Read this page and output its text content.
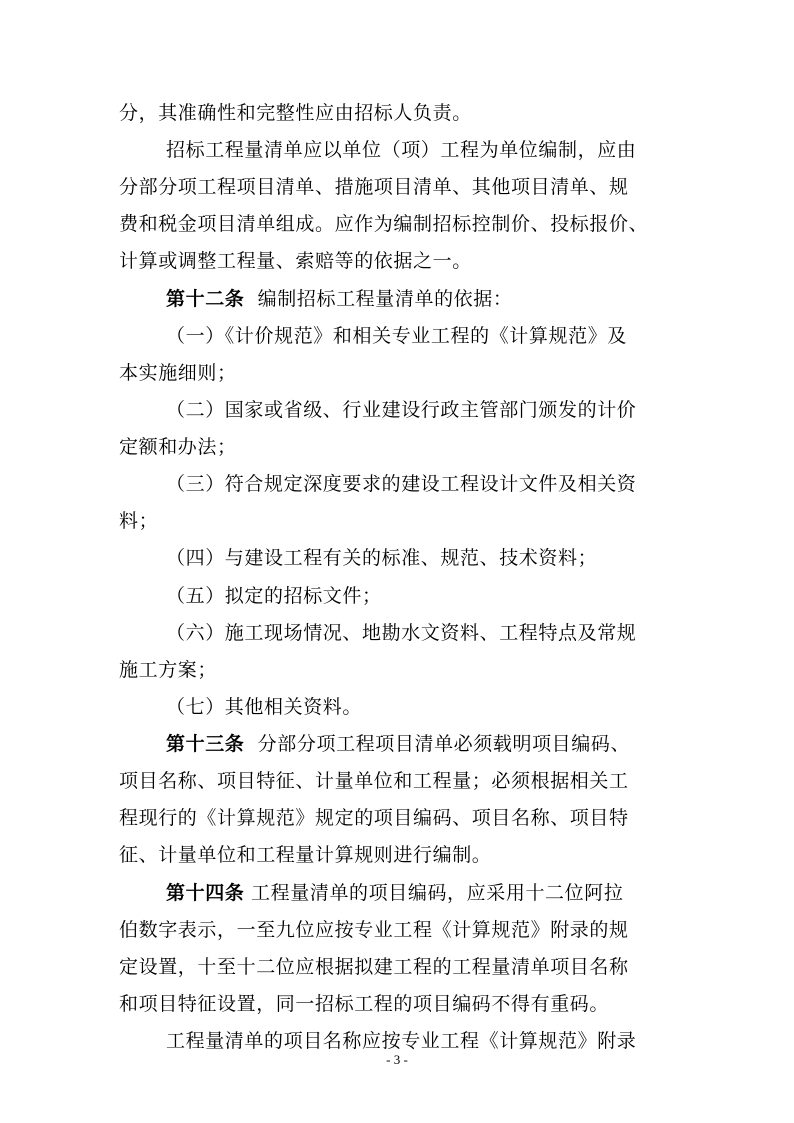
分，其准确性和完整性应由招标人负责。
招标工程量清单应以单位（项）工程为单位编制，应由
分部分项工程项目清单、措施项目清单、其他项目清单、规
费和税金项目清单组成。应作为编制招标控制价、投标报价、
计算或调整工程量、索赔等的依据之一。
第十二条  编制招标工程量清单的依据：
（一）《计价规范》和相关专业工程的《计算规范》及
本实施细则；
（二）国家或省级、行业建设行政主管部门颁发的计价
定额和办法；
（三）符合规定深度要求的建设工程设计文件及相关资
料；
（四）与建设工程有关的标准、规范、技术资料；
（五）拟定的招标文件；
（六）施工现场情况、地勘水文资料、工程特点及常规
施工方案；
（七）其他相关资料。
第十三条  分部分项工程项目清单必须载明项目编码、
项目名称、项目特征、计量单位和工程量；必须根据相关工
程现行的《计算规范》规定的项目编码、项目名称、项目特
征、计量单位和工程量计算规则进行编制。
第十四条 工程量清单的项目编码，应采用十二位阿拉
- 3 -
伯数字表示，一至九位应按专业工程《计算规范》附录的规
定设置，十至十二位应根据拟建工程的工程量清单项目名称
和项目特征设置，同一招标工程的项目编码不得有重码。
工程量清单的项目名称应按专业工程《计算规范》附录
